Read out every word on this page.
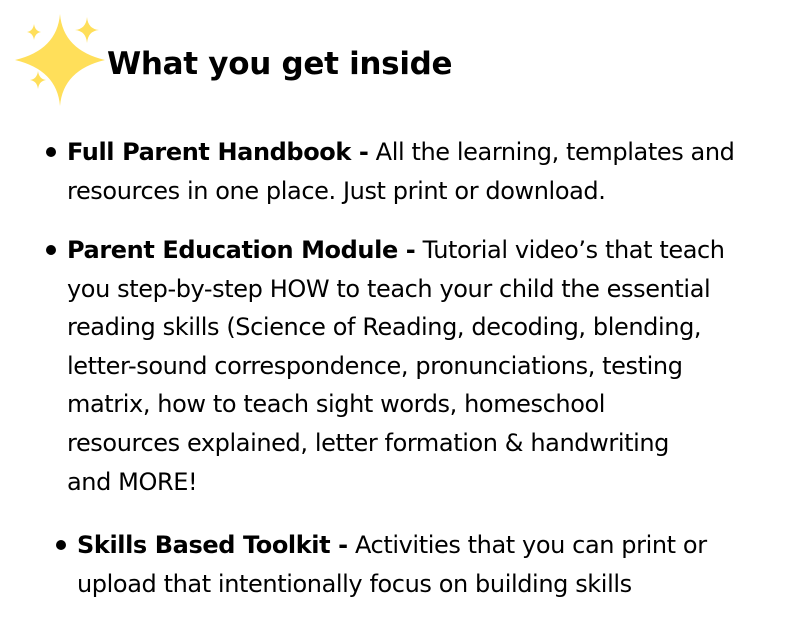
What you get inside

Full Parent Handbook - All the learning, templates and

resources in one place. Just print or download.

Parent Education Module - Tutorial video’s that teach

you step-by-step HOW to teach your child the essential

reading skills (Science of Reading, decoding, blending,

letter-sound correspondence, pronunciations, testing

matrix, how to teach sight words, homeschool

resources explained, letter formation & handwriting

and MORE!

Skills Based Toolkit - Activities that you can print or

upload that intentionally focus on building skills
